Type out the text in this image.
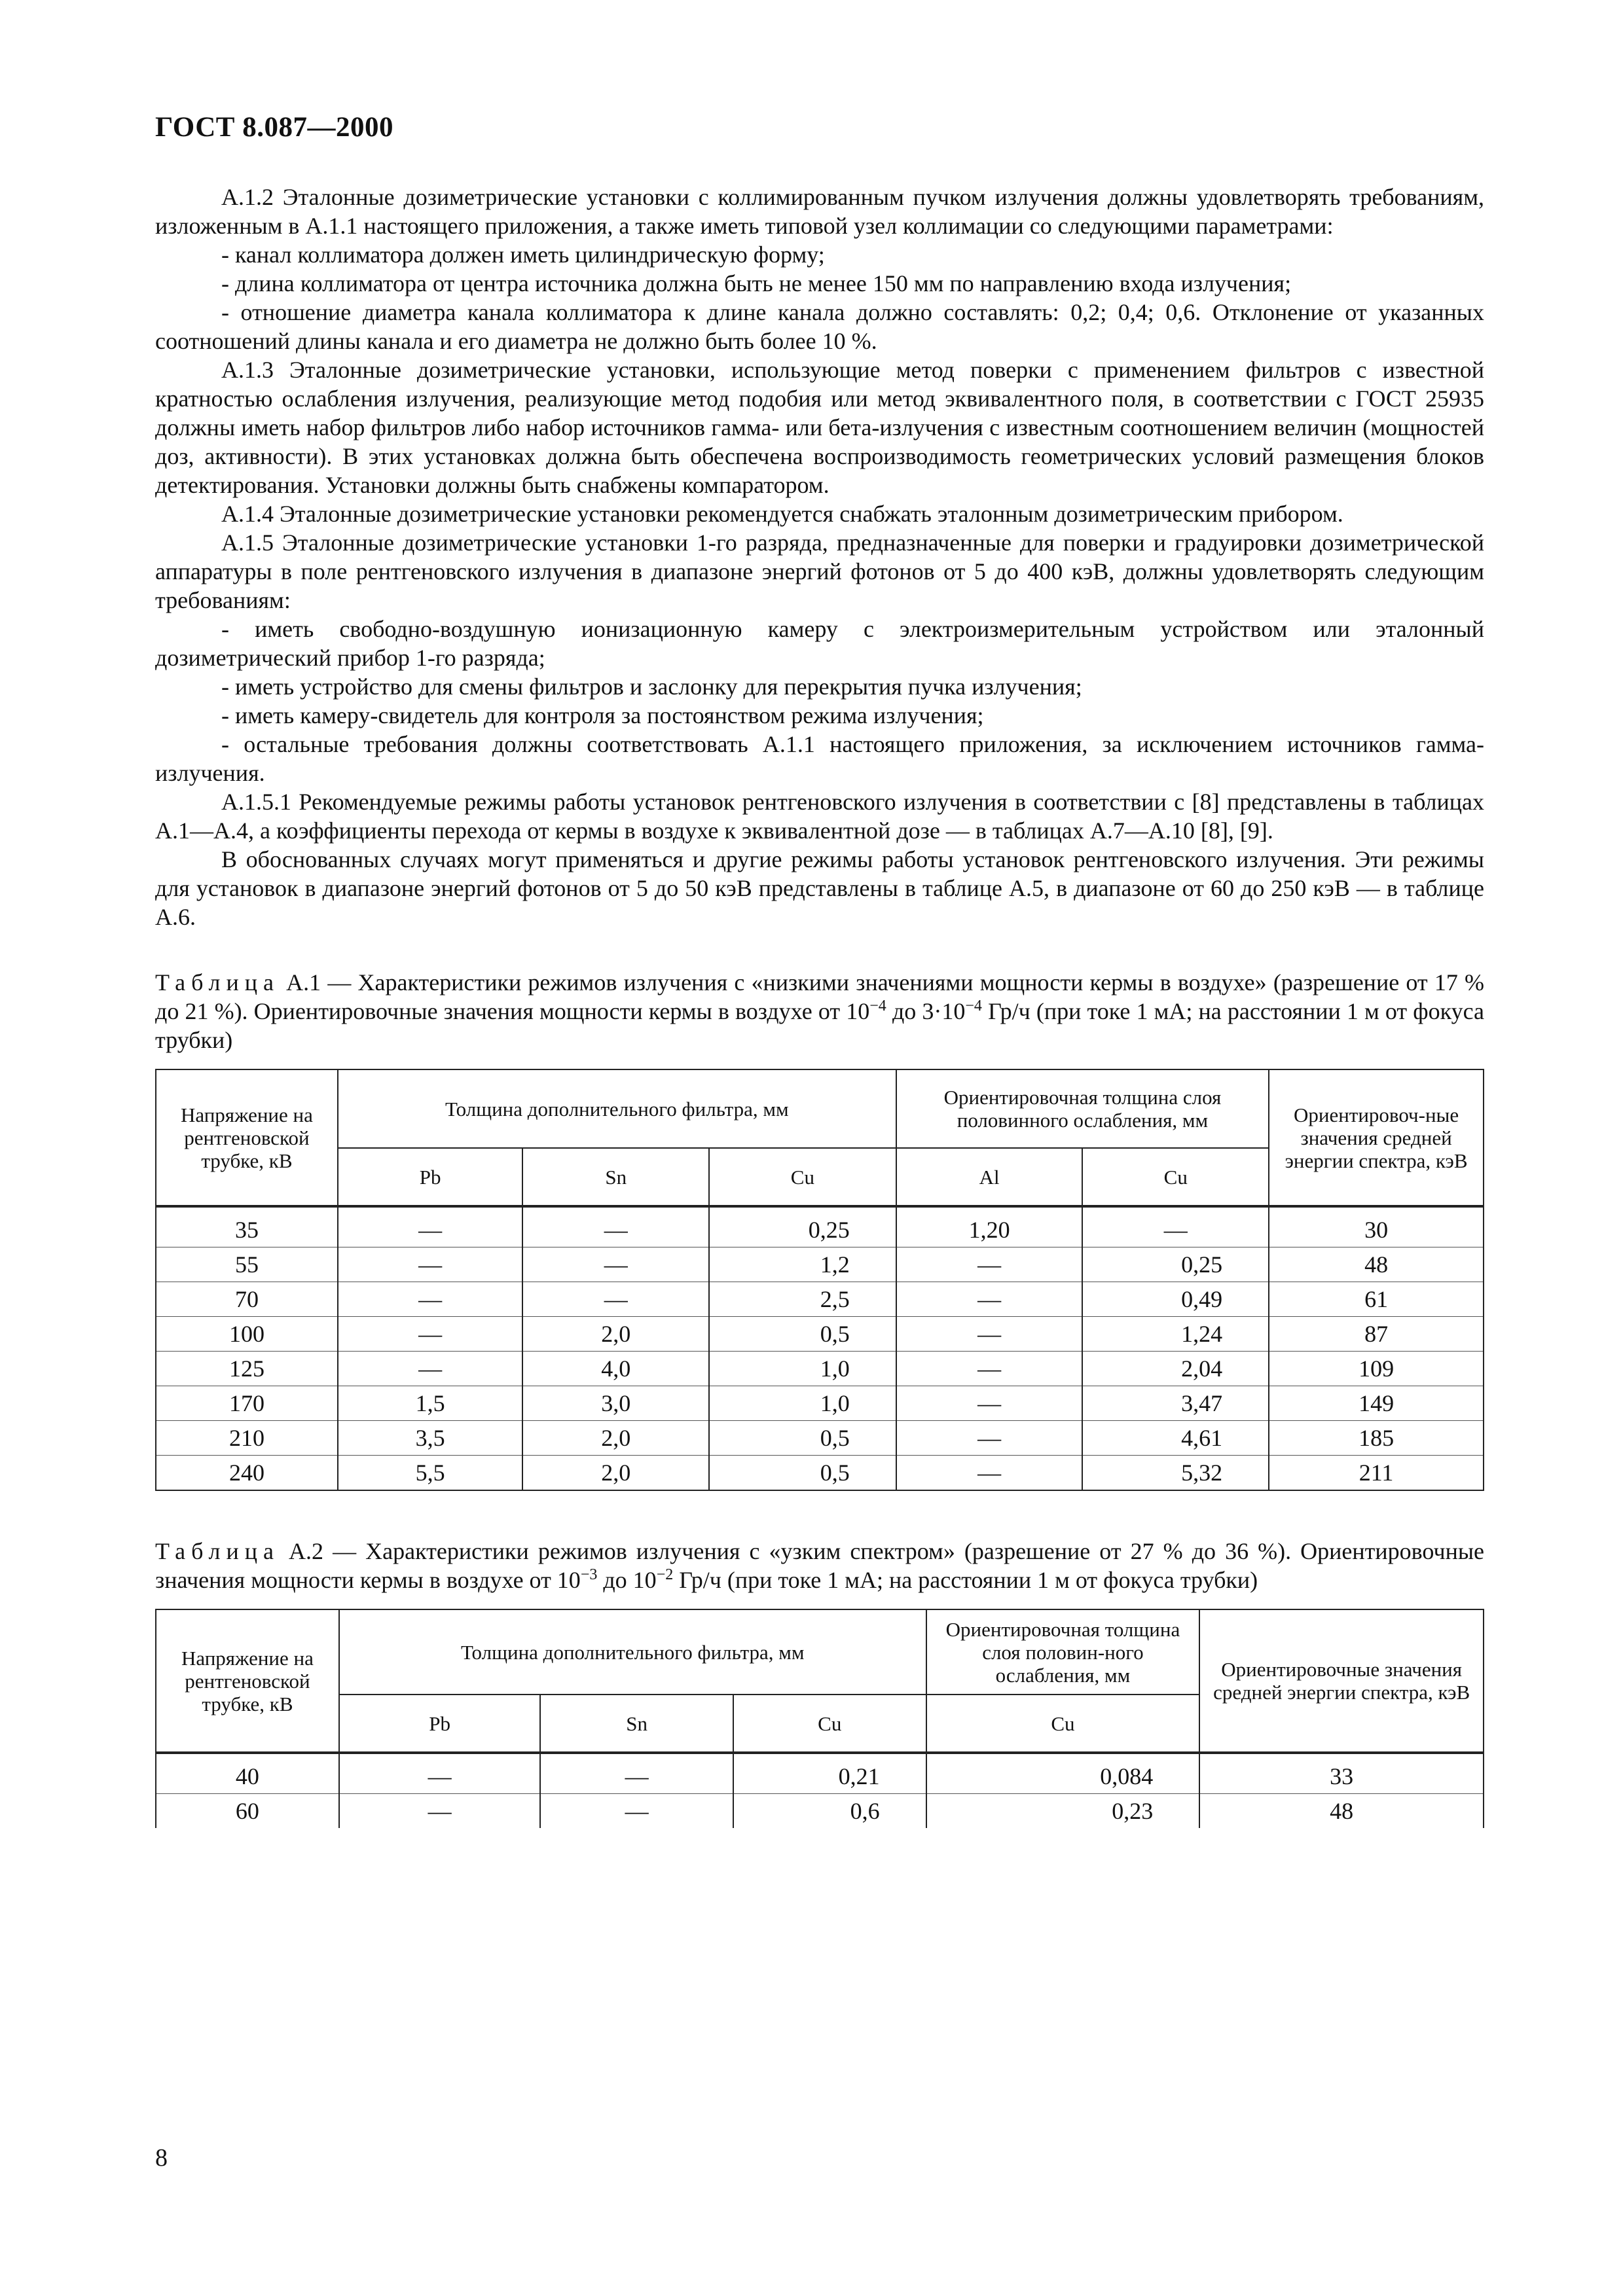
ГОСТ 8.087—2000

А.1.2 Эталонные дозиметрические установки с коллимированным пучком излучения должны удовлетворять требованиям, изложенным в А.1.1 настоящего приложения, а также иметь типовой узел коллимации со следующими параметрами:

- канал коллиматора должен иметь цилиндрическую форму;

- длина коллиматора от центра источника должна быть не менее 150 мм по направлению входа излучения;

- отношение диаметра канала коллиматора к длине канала должно составлять: 0,2; 0,4; 0,6. Отклонение от указанных соотношений длины канала и его диаметра не должно быть более 10 %.

А.1.3 Эталонные дозиметрические установки, использующие метод поверки с применением фильтров с известной кратностью ослабления излучения, реализующие метод подобия или метод эквивалентного поля, в соответствии с ГОСТ 25935 должны иметь набор фильтров либо набор источников гамма- или бета-излучения с известным соотношением величин (мощностей доз, активности). В этих установках должна быть обеспечена воспроизводимость геометрических условий размещения блоков детектирования. Установки должны быть снабжены компаратором.

А.1.4 Эталонные дозиметрические установки рекомендуется снабжать эталонным дозиметрическим прибором.

А.1.5 Эталонные дозиметрические установки 1-го разряда, предназначенные для поверки и градуировки дозиметрической аппаратуры в поле рентгеновского излучения в диапазоне энергий фотонов от 5 до 400 кэВ, должны удовлетворять следующим требованиям:

- иметь свободно-воздушную ионизационную камеру с электроизмерительным устройством или эталонный дозиметрический прибор 1-го разряда;

- иметь устройство для смены фильтров и заслонку для перекрытия пучка излучения;

- иметь камеру-свидетель для контроля за постоянством режима излучения;

- остальные требования должны соответствовать А.1.1 настоящего приложения, за исключением источников гамма-излучения.

А.1.5.1 Рекомендуемые режимы работы установок рентгеновского излучения в соответствии с [8] представлены в таблицах А.1—А.4, а коэффициенты перехода от кермы в воздухе к эквивалентной дозе — в таблицах А.7—А.10 [8], [9].

В обоснованных случаях могут применяться и другие режимы работы установок рентгеновского излучения. Эти режимы для установок в диапазоне энергий фотонов от 5 до 50 кэВ представлены в таблице А.5, в диапазоне от 60 до 250 кэВ — в таблице А.6.

Таблица А.1 — Характеристики режимов излучения с «низкими значениями мощности кермы в воздухе» (разрешение от 17 % до 21 %). Ориентировочные значения мощности кермы в воздухе от $10^{-4}$ до $3\cdot 10^{-4}$ Гр/ч (при токе 1 мА; на расстоянии 1 м от фокуса трубки)
Напряжение на рентгеновской трубке, кВ	Толщина дополнительного фильтра, мм			Ориентировочная толщина слоя половинного ослабления, мм		Ориентировоч-ные значения средней энергии спектра, кэВ
	Pb	Sn	Cu	Al	Cu	
35	—	—	0,25	1,20	—	30
55	—	—	1,2	—	0,25	48
70	—	—	2,5	—	0,49	61
100	—	2,0	0,5	—	1,24	87
125	—	4,0	1,0	—	2,04	109
170	1,5	3,0	1,0	—	3,47	149
210	3,5	2,0	0,5	—	4,61	185
240	5,5	2,0	0,5	—	5,32	211
Таблица А.2 — Характеристики режимов излучения с «узким спектром» (разрешение от 27 % до 36 %). Ориентировочные значения мощности кермы в воздухе от $10^{-3}$ до $10^{-2}$ Гр/ч (при токе 1 мА; на расстоянии 1 м от фокуса трубки)
Напряжение на рентгеновской трубке, кВ	Толщина дополнительного фильтра, мм			Ориентировочная толщина слоя половин-ного ослабления, мм	Ориентировочные значения средней энергии спектра, кэВ
	Pb	Sn	Cu	Cu	
40	—	—	0,21	0,084	33
60	—	—	0,6	0,23	48
8
